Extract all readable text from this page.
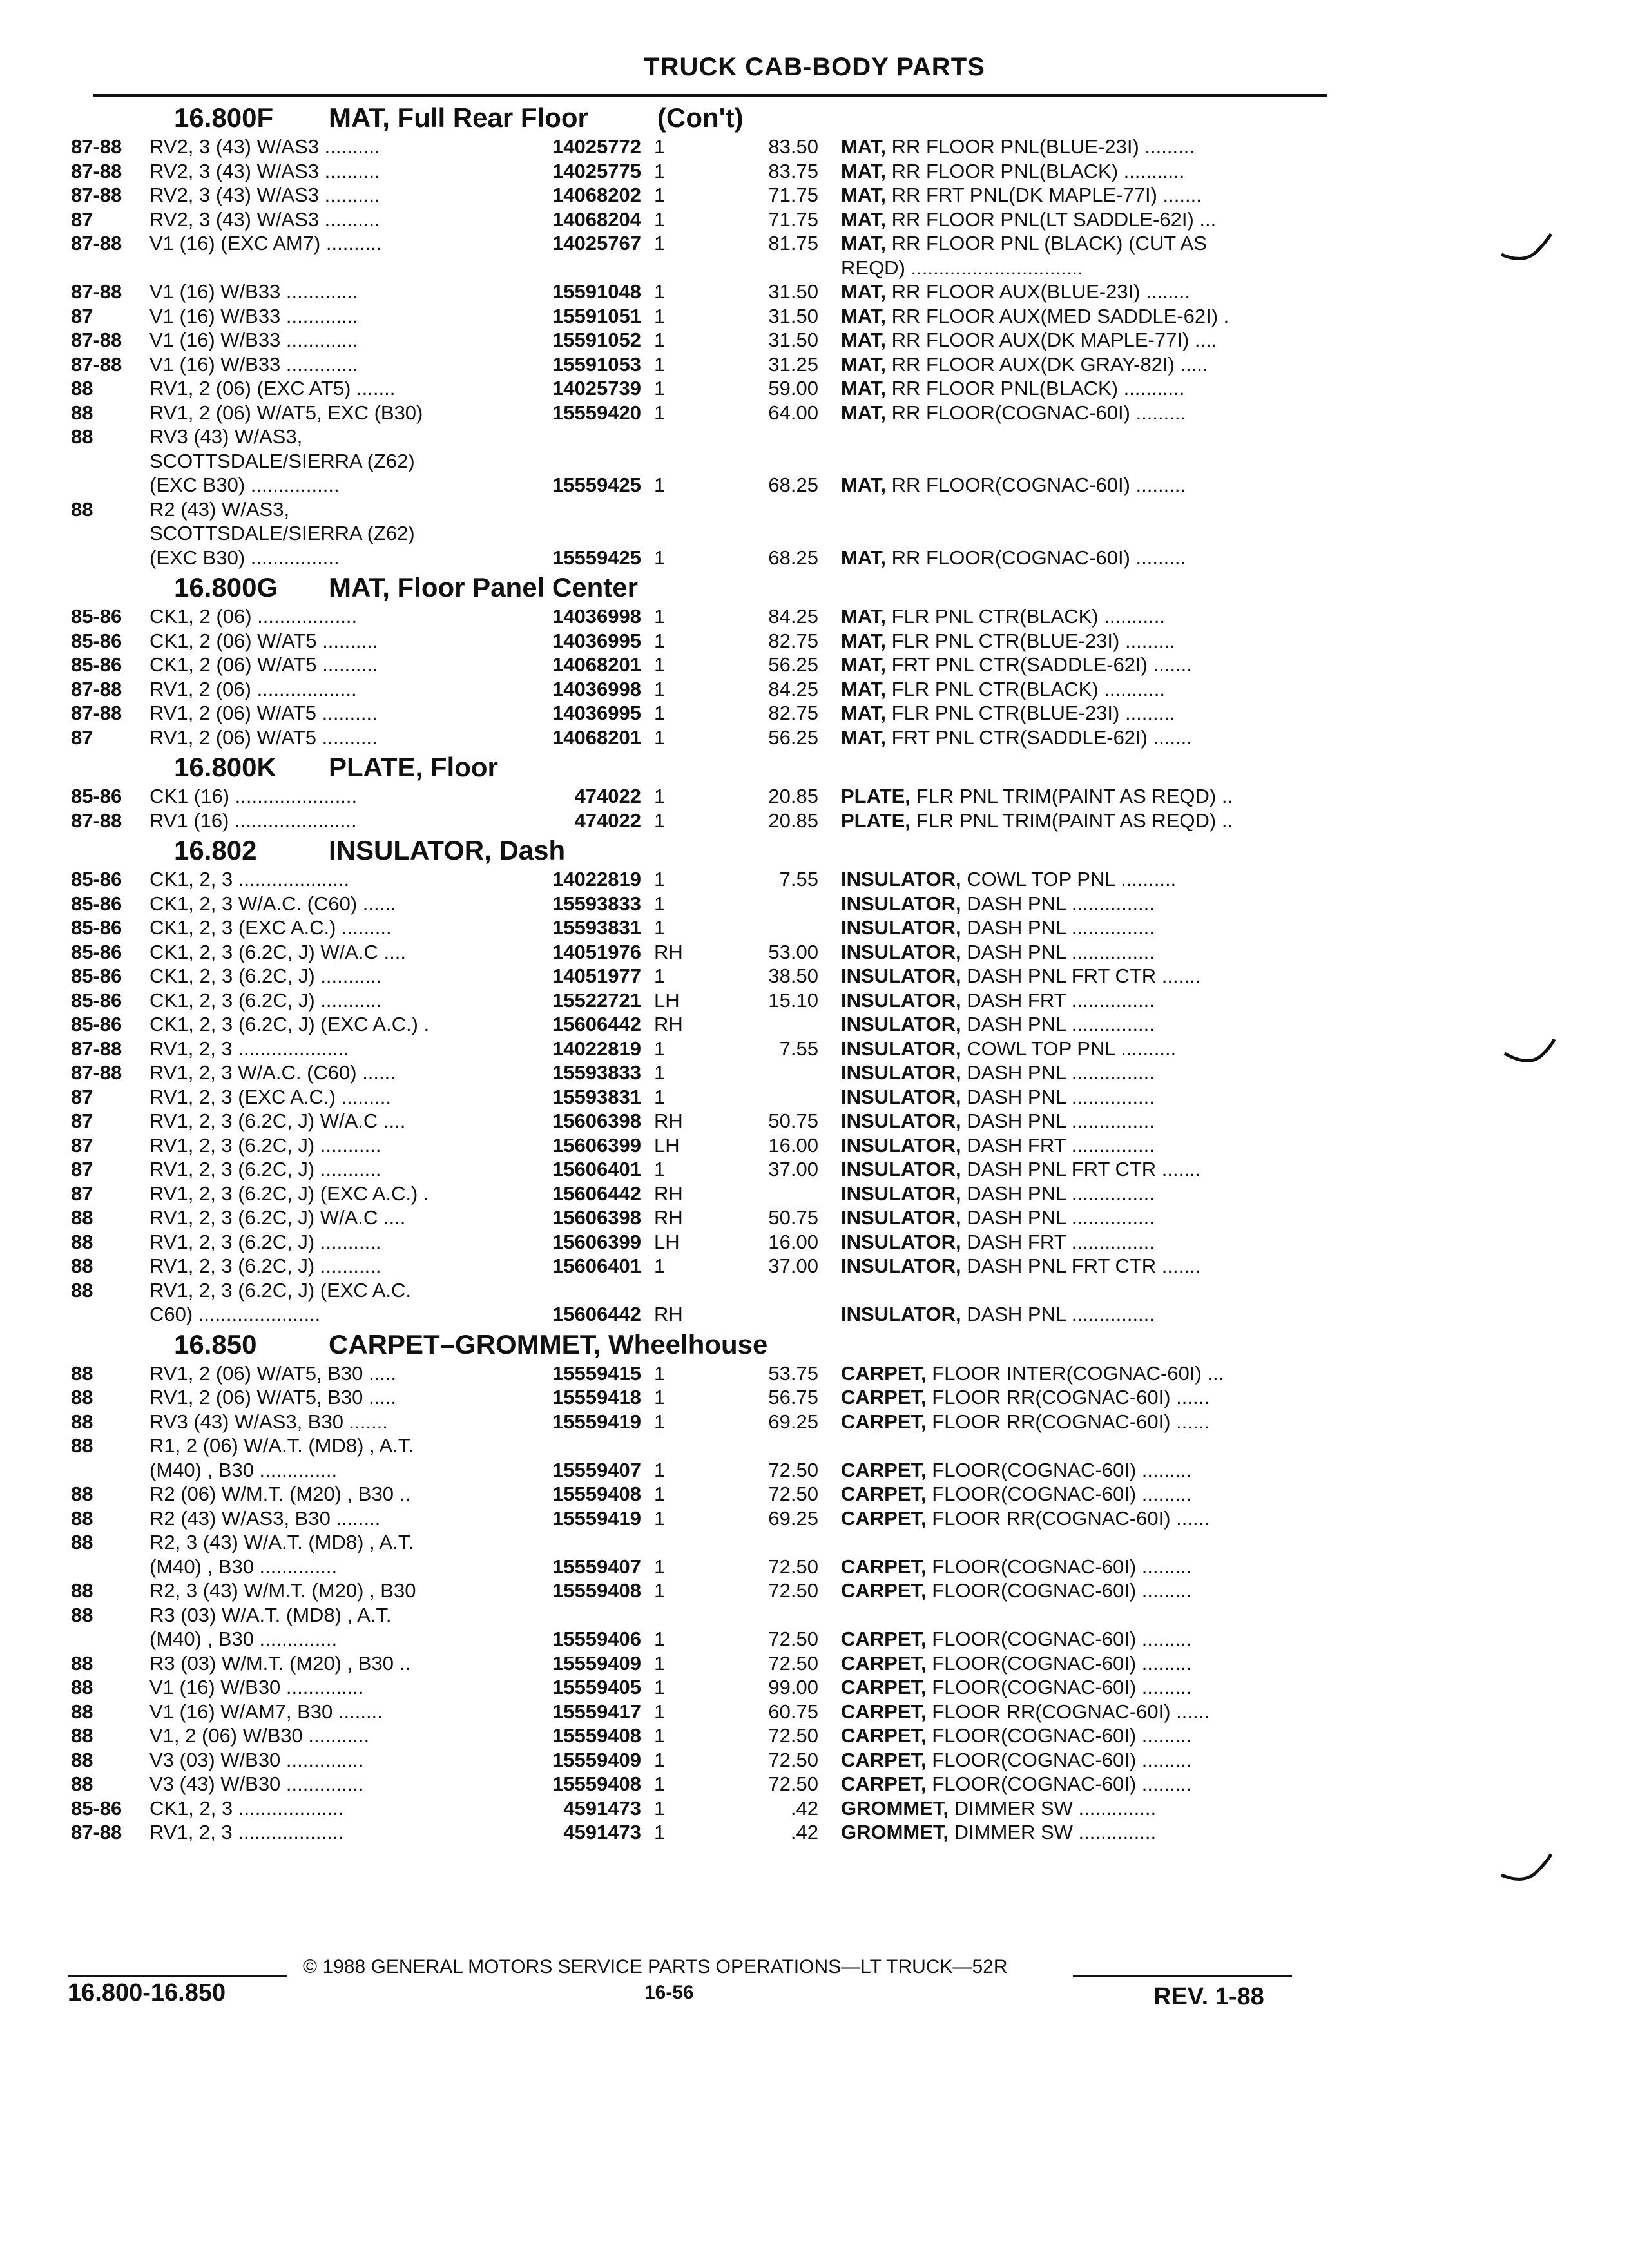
TRUCK CAB-BODY PARTS
16.800F MAT, Full Rear Floor	(Con't)
87-88 RV2, 3 (43) W/AS3 ..........	14025772 1	83.50 MAT, RR FLOOR PNL(BLUE-23I) .........
87-88 RV2, 3 (43) W/AS3 ..........	14025775 1	83.75 MAT, RR FLOOR PNL(BLACK) ...........
87-88 RV2, 3 (43) W/AS3 ..........	14068202 1	71.75 MAT, RR FRT PNL(DK MAPLE-77I) .......
87	RV2, 3 (43) W/AS3 ..........	14068204 1	71.75 MAT, RR FLOOR PNL(LT SADDLE-62I) ...
87-88 V1 (16) (EXC AM7) ..........	14025767 1	81.75 MAT, RR FLOOR PNL (BLACK) (CUT AS
REQD) ...............................
87-88 V1 (16) W/B33 .............	15591048 1	31.50 MAT, RR FLOOR AUX(BLUE-23I) ........
87	V1 (16) W/B33 .............	15591051 1	31.50 MAT, RR FLOOR AUX(MED SADDLE-62I) .
87-88 V1 (16) W/B33 .............	15591052 1	31.50 MAT, RR FLOOR AUX(DK MAPLE-77I) ....
87-88 V1 (16) W/B33 .............	15591053 1	31.25 MAT, RR FLOOR AUX(DK GRAY-82I) .....
88	RV1, 2 (06) (EXC AT5) .......	14025739 1	59.00 MAT, RR FLOOR PNL(BLACK) ...........
88	RV1, 2 (06) W/AT5, EXC (B30)	15559420 1	64.00 MAT, RR FLOOR(COGNAC-60I) .........
88	RV3 (43) W/AS3,
SCOTTSDALE/SIERRA (Z62)
(EXC B30) ................	15559425 1	68.25 MAT, RR FLOOR(COGNAC-60I) .........
88	R2 (43) W/AS3,
SCOTTSDALE/SIERRA (Z62)
(EXC B30) ................	15559425 1	68.25 MAT, RR FLOOR(COGNAC-60I) .........
16.800G MAT, Floor Panel Center
85-86 CK1, 2 (06) ..................	14036998 1	84.25 MAT, FLR PNL CTR(BLACK) ...........
85-86 CK1, 2 (06) W/AT5 ..........	14036995 1	82.75 MAT, FLR PNL CTR(BLUE-23I) .........
85-86 CK1, 2 (06) W/AT5 ..........	14068201 1	56.25 MAT, FRT PNL CTR(SADDLE-62I) .......
87-88 RV1, 2 (06) ..................	14036998 1	84.25 MAT, FLR PNL CTR(BLACK) ...........
87-88 RV1, 2 (06) W/AT5 ..........	14036995 1	82.75 MAT, FLR PNL CTR(BLUE-23I) .........
87	RV1, 2 (06) W/AT5 ..........	14068201 1	56.25 MAT, FRT PNL CTR(SADDLE-62I) .......
16.800K PLATE, Floor
85-86 CK1 (16) ......................	474022 1	20.85 PLATE, FLR PNL TRIM(PAINT AS REQD) ..
87-88 RV1 (16) ......................	474022 1	20.85 PLATE, FLR PNL TRIM(PAINT AS REQD) ..
16.802	INSULATOR, Dash
85-86 CK1, 2, 3 ....................	14022819 1	7.55 INSULATOR, COWL TOP PNL ..........
85-86 CK1, 2, 3 W/A.C. (C60) ......	15593833 1	INSULATOR, DASH PNL ...............
85-86 CK1, 2, 3 (EXC A.C.) .........	15593831 1	INSULATOR, DASH PNL ...............
85-86 CK1, 2, 3 (6.2C, J) W/A.C ....	14051976 RH	53.00 INSULATOR, DASH PNL ...............
85-86 CK1, 2, 3 (6.2C, J) ...........	14051977 1	38.50 INSULATOR, DASH PNL FRT CTR .......
85-86 CK1, 2, 3 (6.2C, J) ...........	15522721 LH	15.10 INSULATOR, DASH FRT ...............
85-86 CK1, 2, 3 (6.2C, J) (EXC A.C.) .	15606442 RH	INSULATOR, DASH PNL ...............
87-88 RV1, 2, 3 ....................	14022819 1	7.55 INSULATOR, COWL TOP PNL ..........
87-88 RV1, 2, 3 W/A.C. (C60) ......	15593833 1	INSULATOR, DASH PNL ...............
87	RV1, 2, 3 (EXC A.C.) .........	15593831 1	INSULATOR, DASH PNL ...............
87	RV1, 2, 3 (6.2C, J) W/A.C ....	15606398 RH	50.75 INSULATOR, DASH PNL ...............
87	RV1, 2, 3 (6.2C, J) ...........	15606399 LH	16.00 INSULATOR, DASH FRT ...............
87	RV1, 2, 3 (6.2C, J) ...........	15606401 1	37.00 INSULATOR, DASH PNL FRT CTR .......
87	RV1, 2, 3 (6.2C, J) (EXC A.C.) .	15606442 RH	INSULATOR, DASH PNL ...............
88	RV1, 2, 3 (6.2C, J) W/A.C ....	15606398 RH	50.75 INSULATOR, DASH PNL ...............
88	RV1, 2, 3 (6.2C, J) ...........	15606399 LH	16.00 INSULATOR, DASH FRT ...............
88	RV1, 2, 3 (6.2C, J) ...........	15606401 1	37.00 INSULATOR, DASH PNL FRT CTR .......
88	RV1, 2, 3 (6.2C, J) (EXC A.C.
C60) ......................	15606442 RH	INSULATOR, DASH PNL ...............
16.850	CARPET–GROMMET, Wheelhouse
88	RV1, 2 (06) W/AT5, B30 .....	15559415 1	53.75 CARPET, FLOOR INTER(COGNAC-60I) ...
88	RV1, 2 (06) W/AT5, B30 .....	15559418 1	56.75 CARPET, FLOOR RR(COGNAC-60I) ......
88	RV3 (43) W/AS3, B30 .......	15559419 1	69.25 CARPET, FLOOR RR(COGNAC-60I) ......
88	R1, 2 (06) W/A.T. (MD8) , A.T.
(M40) , B30 ..............	15559407 1	72.50 CARPET, FLOOR(COGNAC-60I) .........
88	R2 (06) W/M.T. (M20) , B30 ..	15559408 1	72.50 CARPET, FLOOR(COGNAC-60I) .........
88	R2 (43) W/AS3, B30 ........	15559419 1	69.25 CARPET, FLOOR RR(COGNAC-60I) ......
88	R2, 3 (43) W/A.T. (MD8) , A.T.
(M40) , B30 ..............	15559407 1	72.50 CARPET, FLOOR(COGNAC-60I) .........
88	R2, 3 (43) W/M.T. (M20) , B30	15559408 1	72.50 CARPET, FLOOR(COGNAC-60I) .........
88	R3 (03) W/A.T. (MD8) , A.T.
(M40) , B30 ..............	15559406 1	72.50 CARPET, FLOOR(COGNAC-60I) .........
88	R3 (03) W/M.T. (M20) , B30 ..	15559409 1	72.50 CARPET, FLOOR(COGNAC-60I) .........
88	V1 (16) W/B30 ..............	15559405 1	99.00 CARPET, FLOOR(COGNAC-60I) .........
88	V1 (16) W/AM7, B30 ........	15559417 1	60.75 CARPET, FLOOR RR(COGNAC-60I) ......
88	V1, 2 (06) W/B30 ...........	15559408 1	72.50 CARPET, FLOOR(COGNAC-60I) .........
88	V3 (03) W/B30 ..............	15559409 1	72.50 CARPET, FLOOR(COGNAC-60I) .........
88	V3 (43) W/B30 ..............	15559408 1	72.50 CARPET, FLOOR(COGNAC-60I) .........
85-86 CK1, 2, 3 ...................	4591473 1	.42 GROMMET, DIMMER SW ..............
87-88 RV1, 2, 3 ...................	4591473 1	.42 GROMMET, DIMMER SW ..............
© 1988 GENERAL MOTORS SERVICE PARTS OPERATIONS—LT TRUCK—52R
16.800-16.850	16-56	REV. 1-88
